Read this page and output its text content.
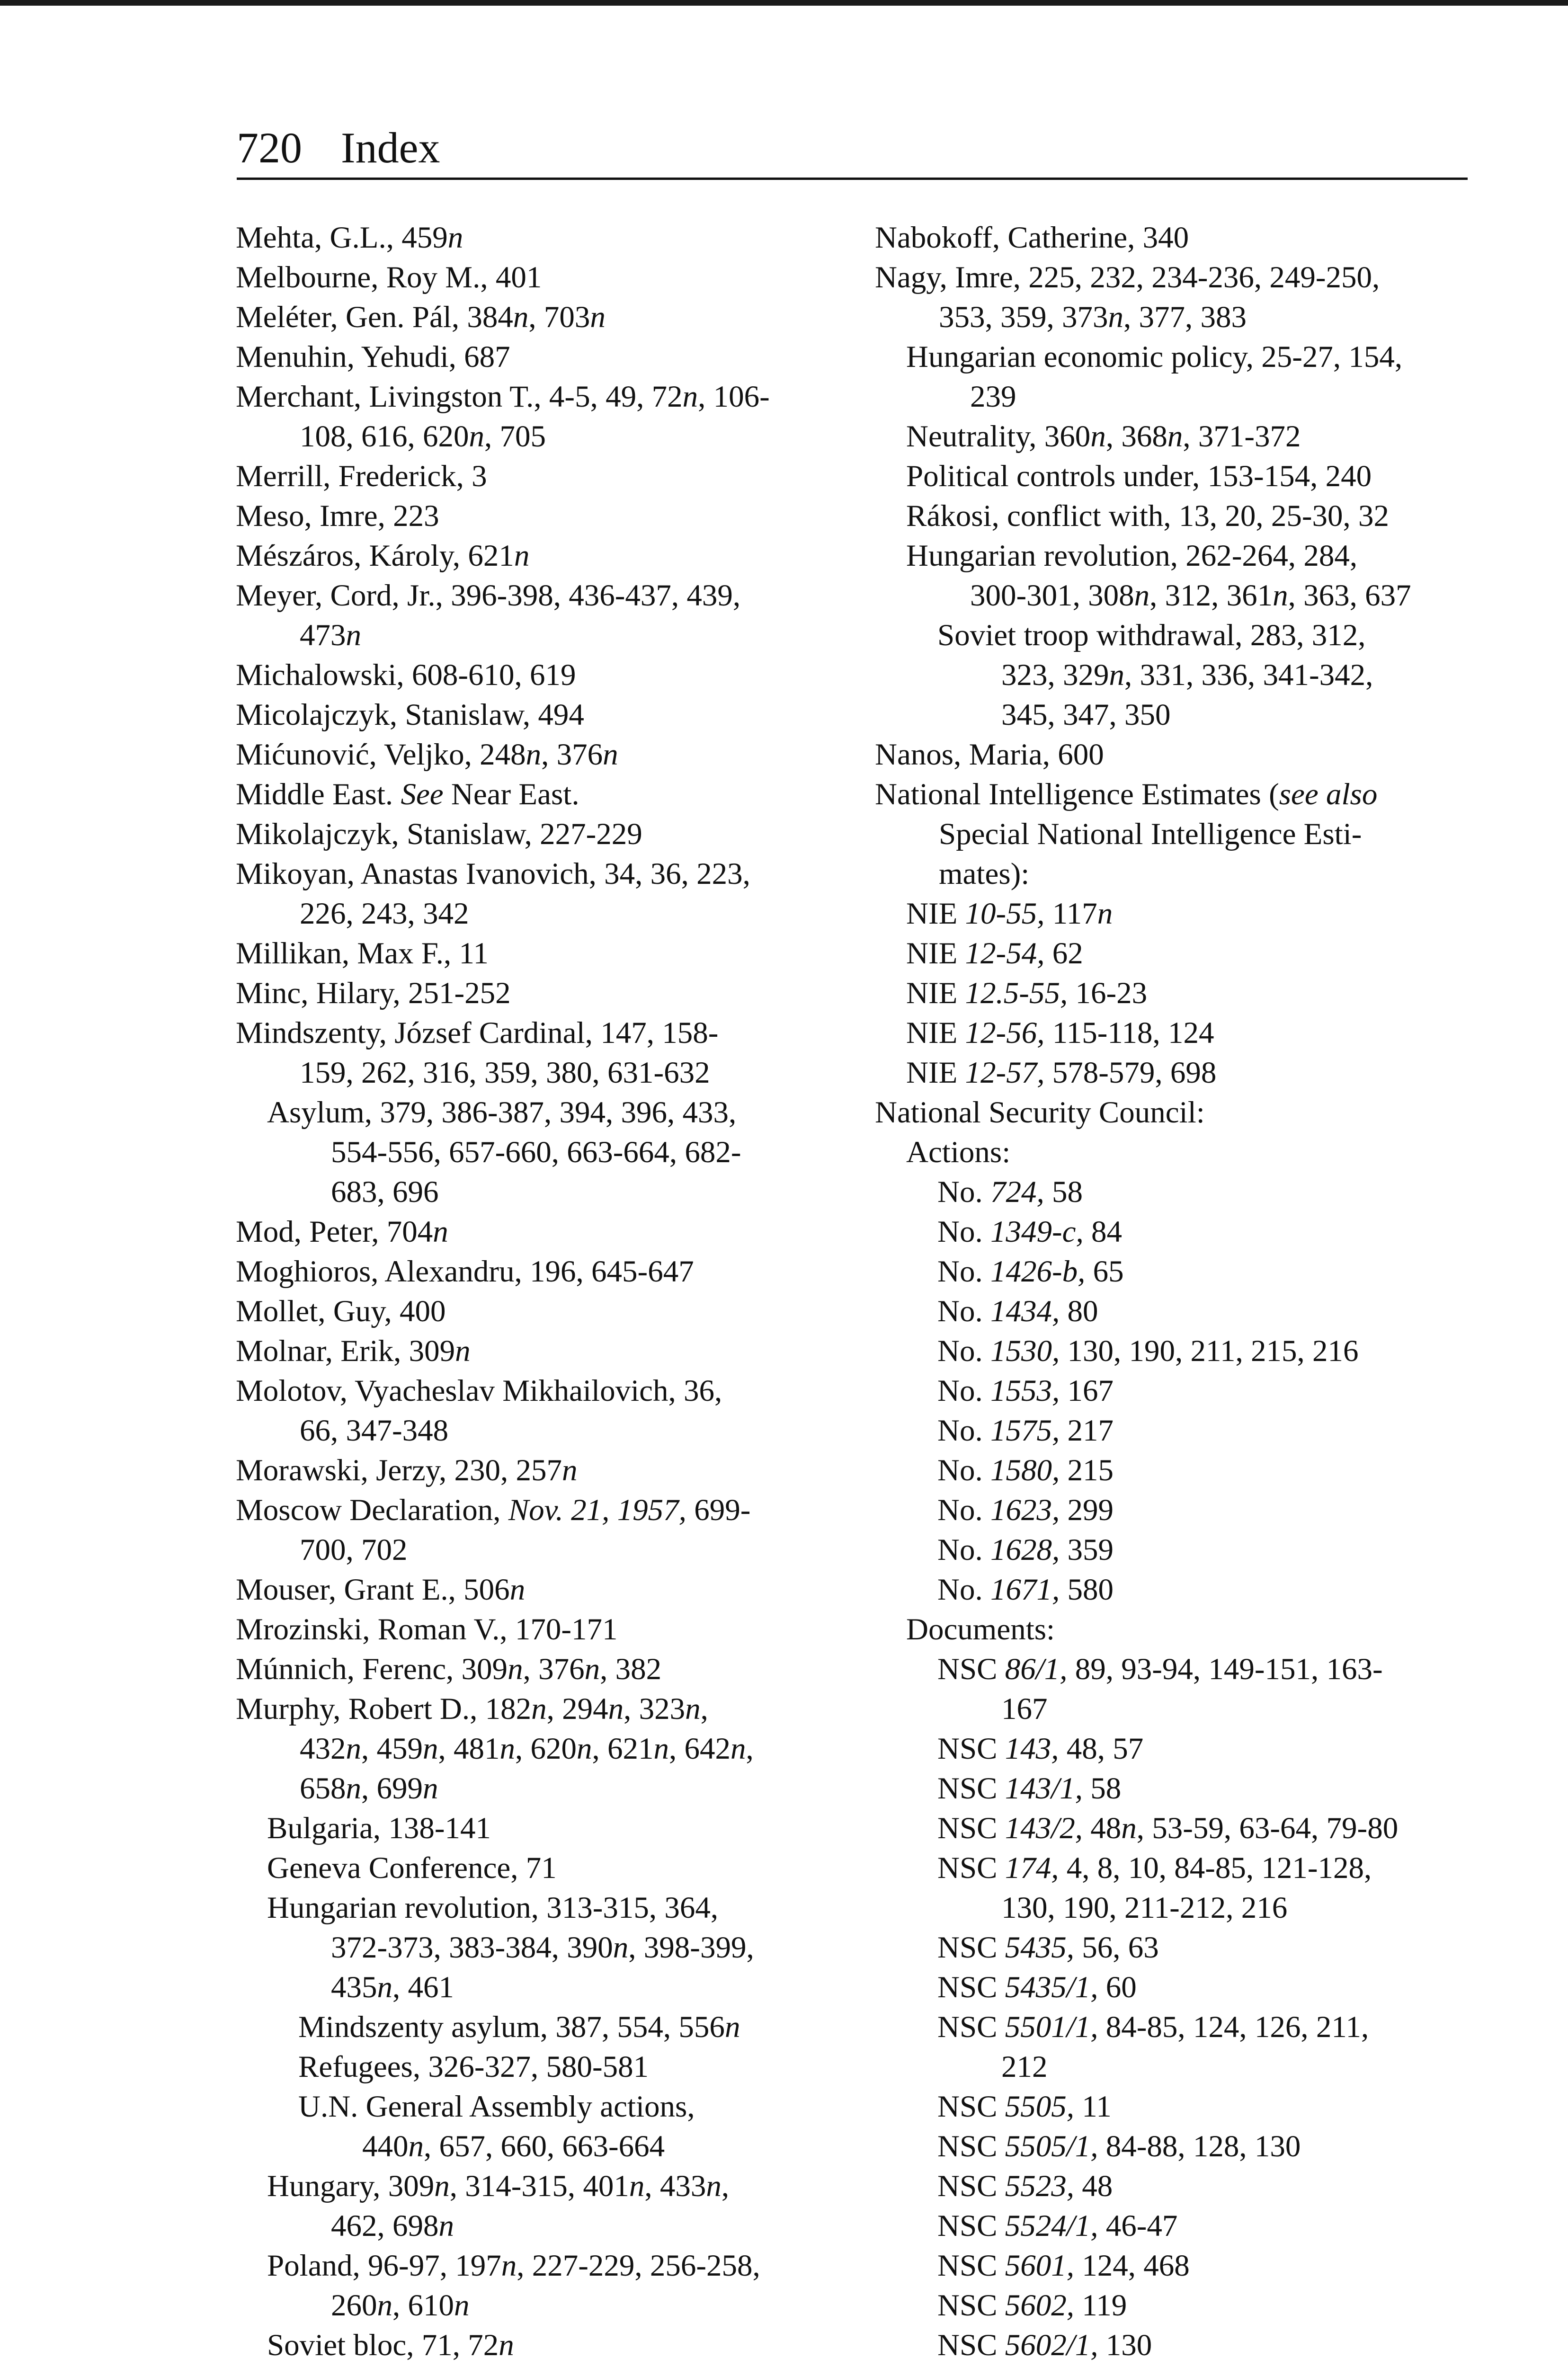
720 Index
Mehta, G.L., 459n
Melbourne, Roy M., 401
Meléter, Gen. Pál, 384n, 703n
Menuhin, Yehudi, 687
Merchant, Livingston T., 4-5, 49, 72n, 106-
108, 616, 620n, 705
Merrill, Frederick, 3
Meso, Imre, 223
Mészáros, Károly, 621n
Meyer, Cord, Jr., 396-398, 436-437, 439,
473n
Michalowski, 608-610, 619
Micolajczyk, Stanislaw, 494
Mićunović, Veljko, 248n, 376n
Middle East. See Near East.
Mikolajczyk, Stanislaw, 227-229
Mikoyan, Anastas Ivanovich, 34, 36, 223,
226, 243, 342
Millikan, Max F., 11
Minc, Hilary, 251-252
Mindszenty, József Cardinal, 147, 158-
159, 262, 316, 359, 380, 631-632
Asylum, 379, 386-387, 394, 396, 433,
554-556, 657-660, 663-664, 682-
683, 696
Mod, Peter, 704n
Moghioros, Alexandru, 196, 645-647
Mollet, Guy, 400
Molnar, Erik, 309n
Molotov, Vyacheslav Mikhailovich, 36,
66, 347-348
Morawski, Jerzy, 230, 257n
Moscow Declaration, Nov. 21, 1957, 699-
700, 702
Mouser, Grant E., 506n
Mrozinski, Roman V., 170-171
Múnnich, Ferenc, 309n, 376n, 382
Murphy, Robert D., 182n, 294n, 323n,
432n, 459n, 481n, 620n, 621n, 642n,
658n, 699n
Bulgaria, 138-141
Geneva Conference, 71
Hungarian revolution, 313-315, 364,
372-373, 383-384, 390n, 398-399,
435n, 461
Mindszenty asylum, 387, 554, 556n
Refugees, 326-327, 580-581
U.N. General Assembly actions,
440n, 657, 660, 663-664
Hungary, 309n, 314-315, 401n, 433n,
462, 698n
Poland, 96-97, 197n, 227-229, 256-258,
260n, 610n
Soviet bloc, 71, 72n
Nabokoff, Catherine, 340
Nagy, Imre, 225, 232, 234-236, 249-250,
353, 359, 373n, 377, 383
Hungarian economic policy, 25-27, 154,
239
Neutrality, 360n, 368n, 371-372
Political controls under, 153-154, 240
Rákosi, conflict with, 13, 20, 25-30, 32
Hungarian revolution, 262-264, 284,
300-301, 308n, 312, 361n, 363, 637
Soviet troop withdrawal, 283, 312,
323, 329n, 331, 336, 341-342,
345, 347, 350
Nanos, Maria, 600
National Intelligence Estimates (see also
Special National Intelligence Esti-
mates):
NIE 10-55, 117n
NIE 12-54, 62
NIE 12.5-55, 16-23
NIE 12-56, 115-118, 124
NIE 12-57, 578-579, 698
National Security Council:
Actions:
No. 724, 58
No. 1349-c, 84
No. 1426-b, 65
No. 1434, 80
No. 1530, 130, 190, 211, 215, 216
No. 1553, 167
No. 1575, 217
No. 1580, 215
No. 1623, 299
No. 1628, 359
No. 1671, 580
Documents:
NSC 86/1, 89, 93-94, 149-151, 163-
167
NSC 143, 48, 57
NSC 143/1, 58
NSC 143/2, 48n, 53-59, 63-64, 79-80
NSC 174, 4, 8, 10, 84-85, 121-128,
130, 190, 211-212, 216
NSC 5435, 56, 63
NSC 5435/1, 60
NSC 5501/1, 84-85, 124, 126, 211,
212
NSC 5505, 11
NSC 5505/1, 84-88, 128, 130
NSC 5523, 48
NSC 5524/1, 46-47
NSC 5601, 124, 468
NSC 5602, 119
NSC 5602/1, 130
